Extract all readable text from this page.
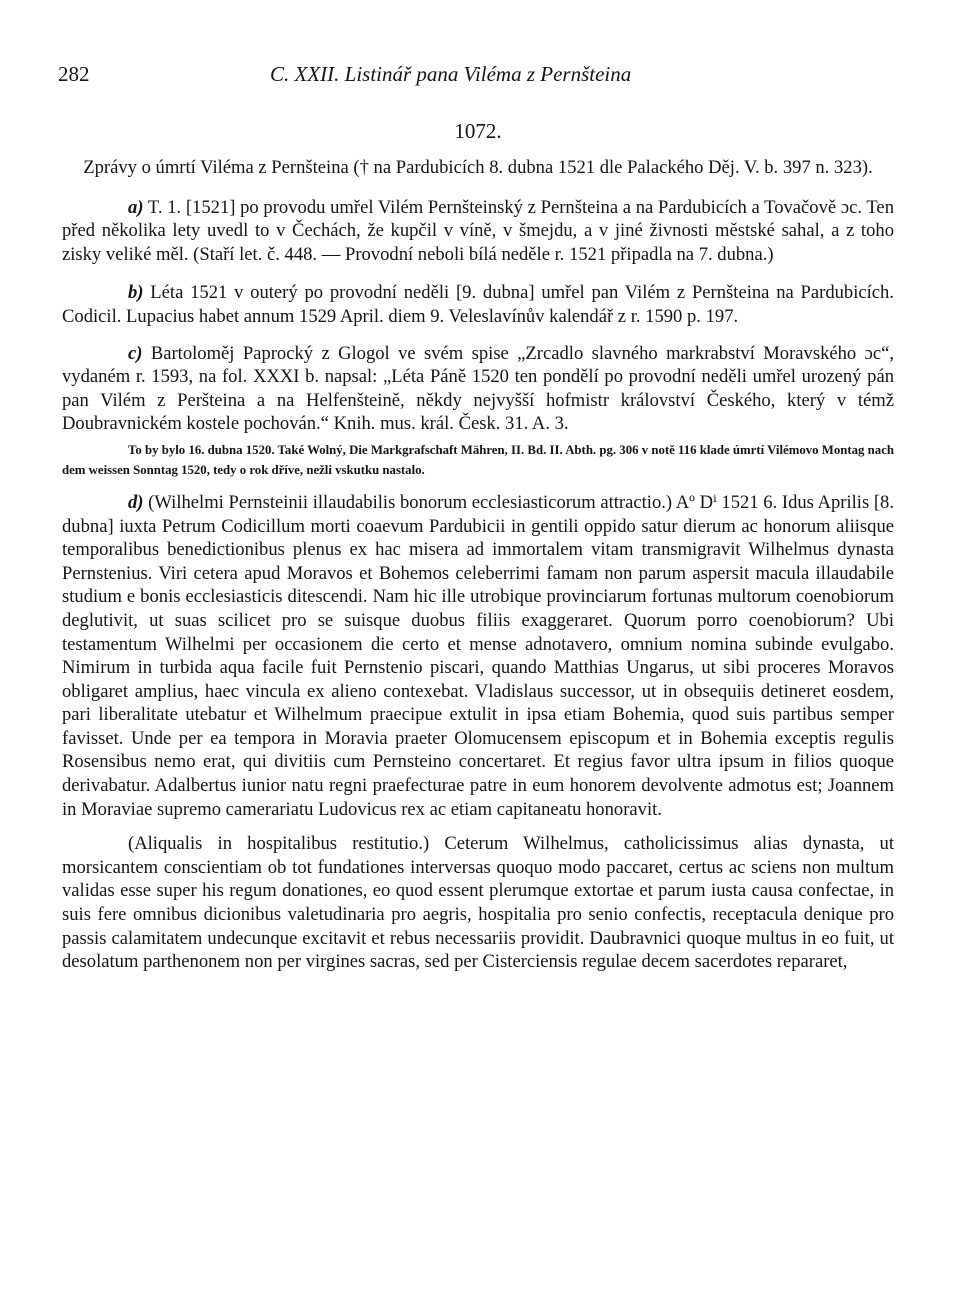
282	C. XXII. Listinář pana Viléma z Pernšteina
1072.

Zprávy o úmrtí Viléma z Pernšteina († na Pardubicích 8. dubna 1521 dle Palackého Děj. V. b. 397 n. 323).

a) T. 1. [1521] po provodu umřel Vilém Pernšteinský z Pernšteina a na Pardubicích a Tovačově ɔc. Ten před několika lety uvedl to v Čechách, že kupčil v víně, v šmejdu, a v jiné živnosti městské sahal, a z toho zisky veliké měl. (Staří let. č. 448. — Provodní neboli bílá neděle r. 1521 připadla na 7. dubna.)

b) Léta 1521 v outerý po provodní neděli [9. dubna] umřel pan Vilém z Pernšteina na Pardubicích. Codicil. Lupacius habet annum 1529 April. diem 9. Veleslavínův kalendář z r. 1590 p. 197.

c) Bartoloměj Paprocký z Glogol ve svém spise „Zrcadlo slavného markrabství Moravského ɔc“, vydaném r. 1593, na fol. XXXI b. napsal: „Léta Páně 1520 ten pondělí po provodní neděli umřel urozený pán pan Vilém z Peršteina a na Helfenšteině, někdy nejvyšší hofmistr království Českého, který v témž Doubravnickém kostele pochován.“ Knih. mus. král. Česk. 31. A. 3.

To by bylo 16. dubna 1520. Také Wolný, Die Markgrafschaft Mähren, II. Bd. II. Abth. pg. 306 v notě 116 klade úmrtí Vilémovo Montag nach dem weissen Sonntag 1520, tedy o rok dříve, nežli vskutku nastalo.

d) (Wilhelmi Pernsteinii illaudabilis bonorum ecclesiasticorum attractio.) Aº Dⁱ 1521 6. Idus Aprilis [8. dubna] iuxta Petrum Codicillum morti coaevum Pardubicii in gentili oppido satur dierum ac honorum aliisque temporalibus benedictionibus plenus ex hac misera ad immortalem vitam transmigravit Wilhelmus dynasta Pernstenius. Viri cetera apud Moravos et Bohemos celeberrimi famam non parum aspersit macula illaudabile studium e bonis ecclesiasticis ditescendi. Nam hic ille utrobique provinciarum fortunas multorum coenobiorum deglutivit, ut suas scilicet pro se suisque duobus filiis exaggeraret. Quorum porro coenobiorum? Ubi testamentum Wilhelmi per occasionem die certo et mense adnotavero, omnium nomina subinde evulgabo. Nimirum in turbida aqua facile fuit Pernstenio piscari, quando Matthias Ungarus, ut sibi proceres Moravos obligaret amplius, haec vincula ex alieno contexebat. Vladislaus successor, ut in obsequiis detineret eosdem, pari liberalitate utebatur et Wilhelmum praecipue extulit in ipsa etiam Bohemia, quod suis partibus semper favisset. Unde per ea tempora in Moravia praeter Olomucensem episcopum et in Bohemia exceptis regulis Rosensibus nemo erat, qui divitiis cum Pernsteino concertaret. Et regius favor ultra ipsum in filios quoque derivabatur. Adalbertus iunior natu regni praefecturae patre in eum honorem devolvente admotus est; Joannem in Moraviae supremo camerariatu Ludovicus rex ac etiam capitaneatu honoravit.

(Aliqualis in hospitalibus restitutio.) Ceterum Wilhelmus, catholicissimus alias dynasta, ut morsicantem conscientiam ob tot fundationes interversas quoquo modo paccaret, certus ac sciens non multum validas esse super his regum donationes, eo quod essent plerumque extortae et parum iusta causa confectae, in suis fere omnibus dicionibus valetudinaria pro aegris, hospitalia pro senio confectis, receptacula denique pro passis calamitatem undecunque excitavit et rebus necessariis providit. Daubravnici quoque multus in eo fuit, ut desolatum parthenonem non per virgines sacras, sed per Cisterciensis regulae decem sacerdotes repararet,
